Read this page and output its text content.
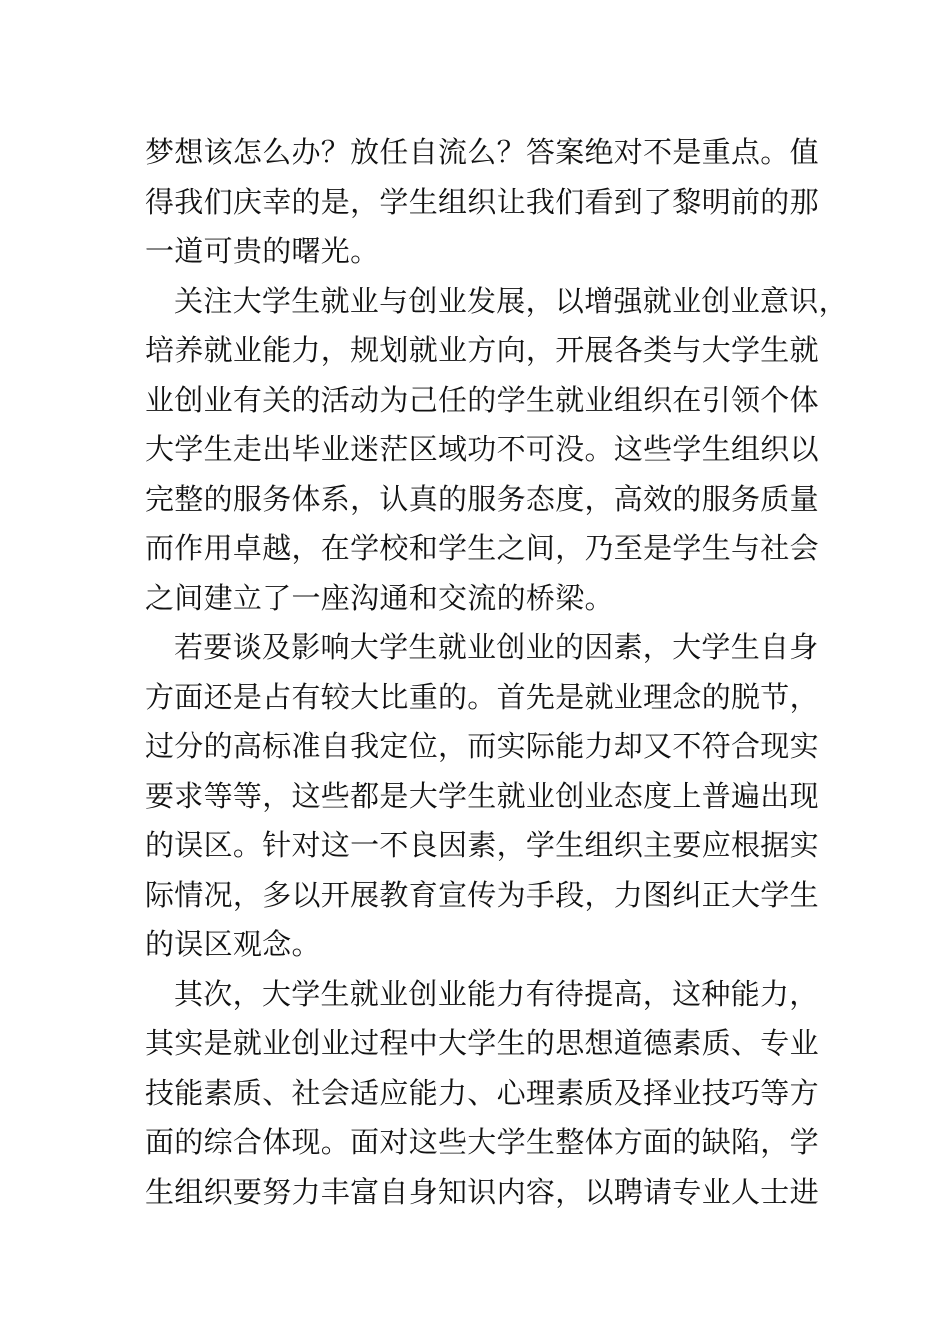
梦想该怎么办？放任自流么？答案绝对不是重点。值
得我们庆幸的是，学生组织让我们看到了黎明前的那
一道可贵的曙光。
关注大学生就业与创业发展，以增强就业创业意识，
培养就业能力，规划就业方向，开展各类与大学生就
业创业有关的活动为己任的学生就业组织在引领个体
大学生走出毕业迷茫区域功不可没。这些学生组织以
完整的服务体系，认真的服务态度，高效的服务质量
而作用卓越，在学校和学生之间，乃至是学生与社会
之间建立了一座沟通和交流的桥梁。
若要谈及影响大学生就业创业的因素，大学生自身
方面还是占有较大比重的。首先是就业理念的脱节，
过分的高标准自我定位，而实际能力却又不符合现实
要求等等，这些都是大学生就业创业态度上普遍出现
的误区。针对这一不良因素，学生组织主要应根据实
际情况，多以开展教育宣传为手段，力图纠正大学生
的误区观念。
其次，大学生就业创业能力有待提高，这种能力，
其实是就业创业过程中大学生的思想道德素质、专业
技能素质、社会适应能力、心理素质及择业技巧等方
面的综合体现。面对这些大学生整体方面的缺陷，学
生组织要努力丰富自身知识内容，以聘请专业人士进
